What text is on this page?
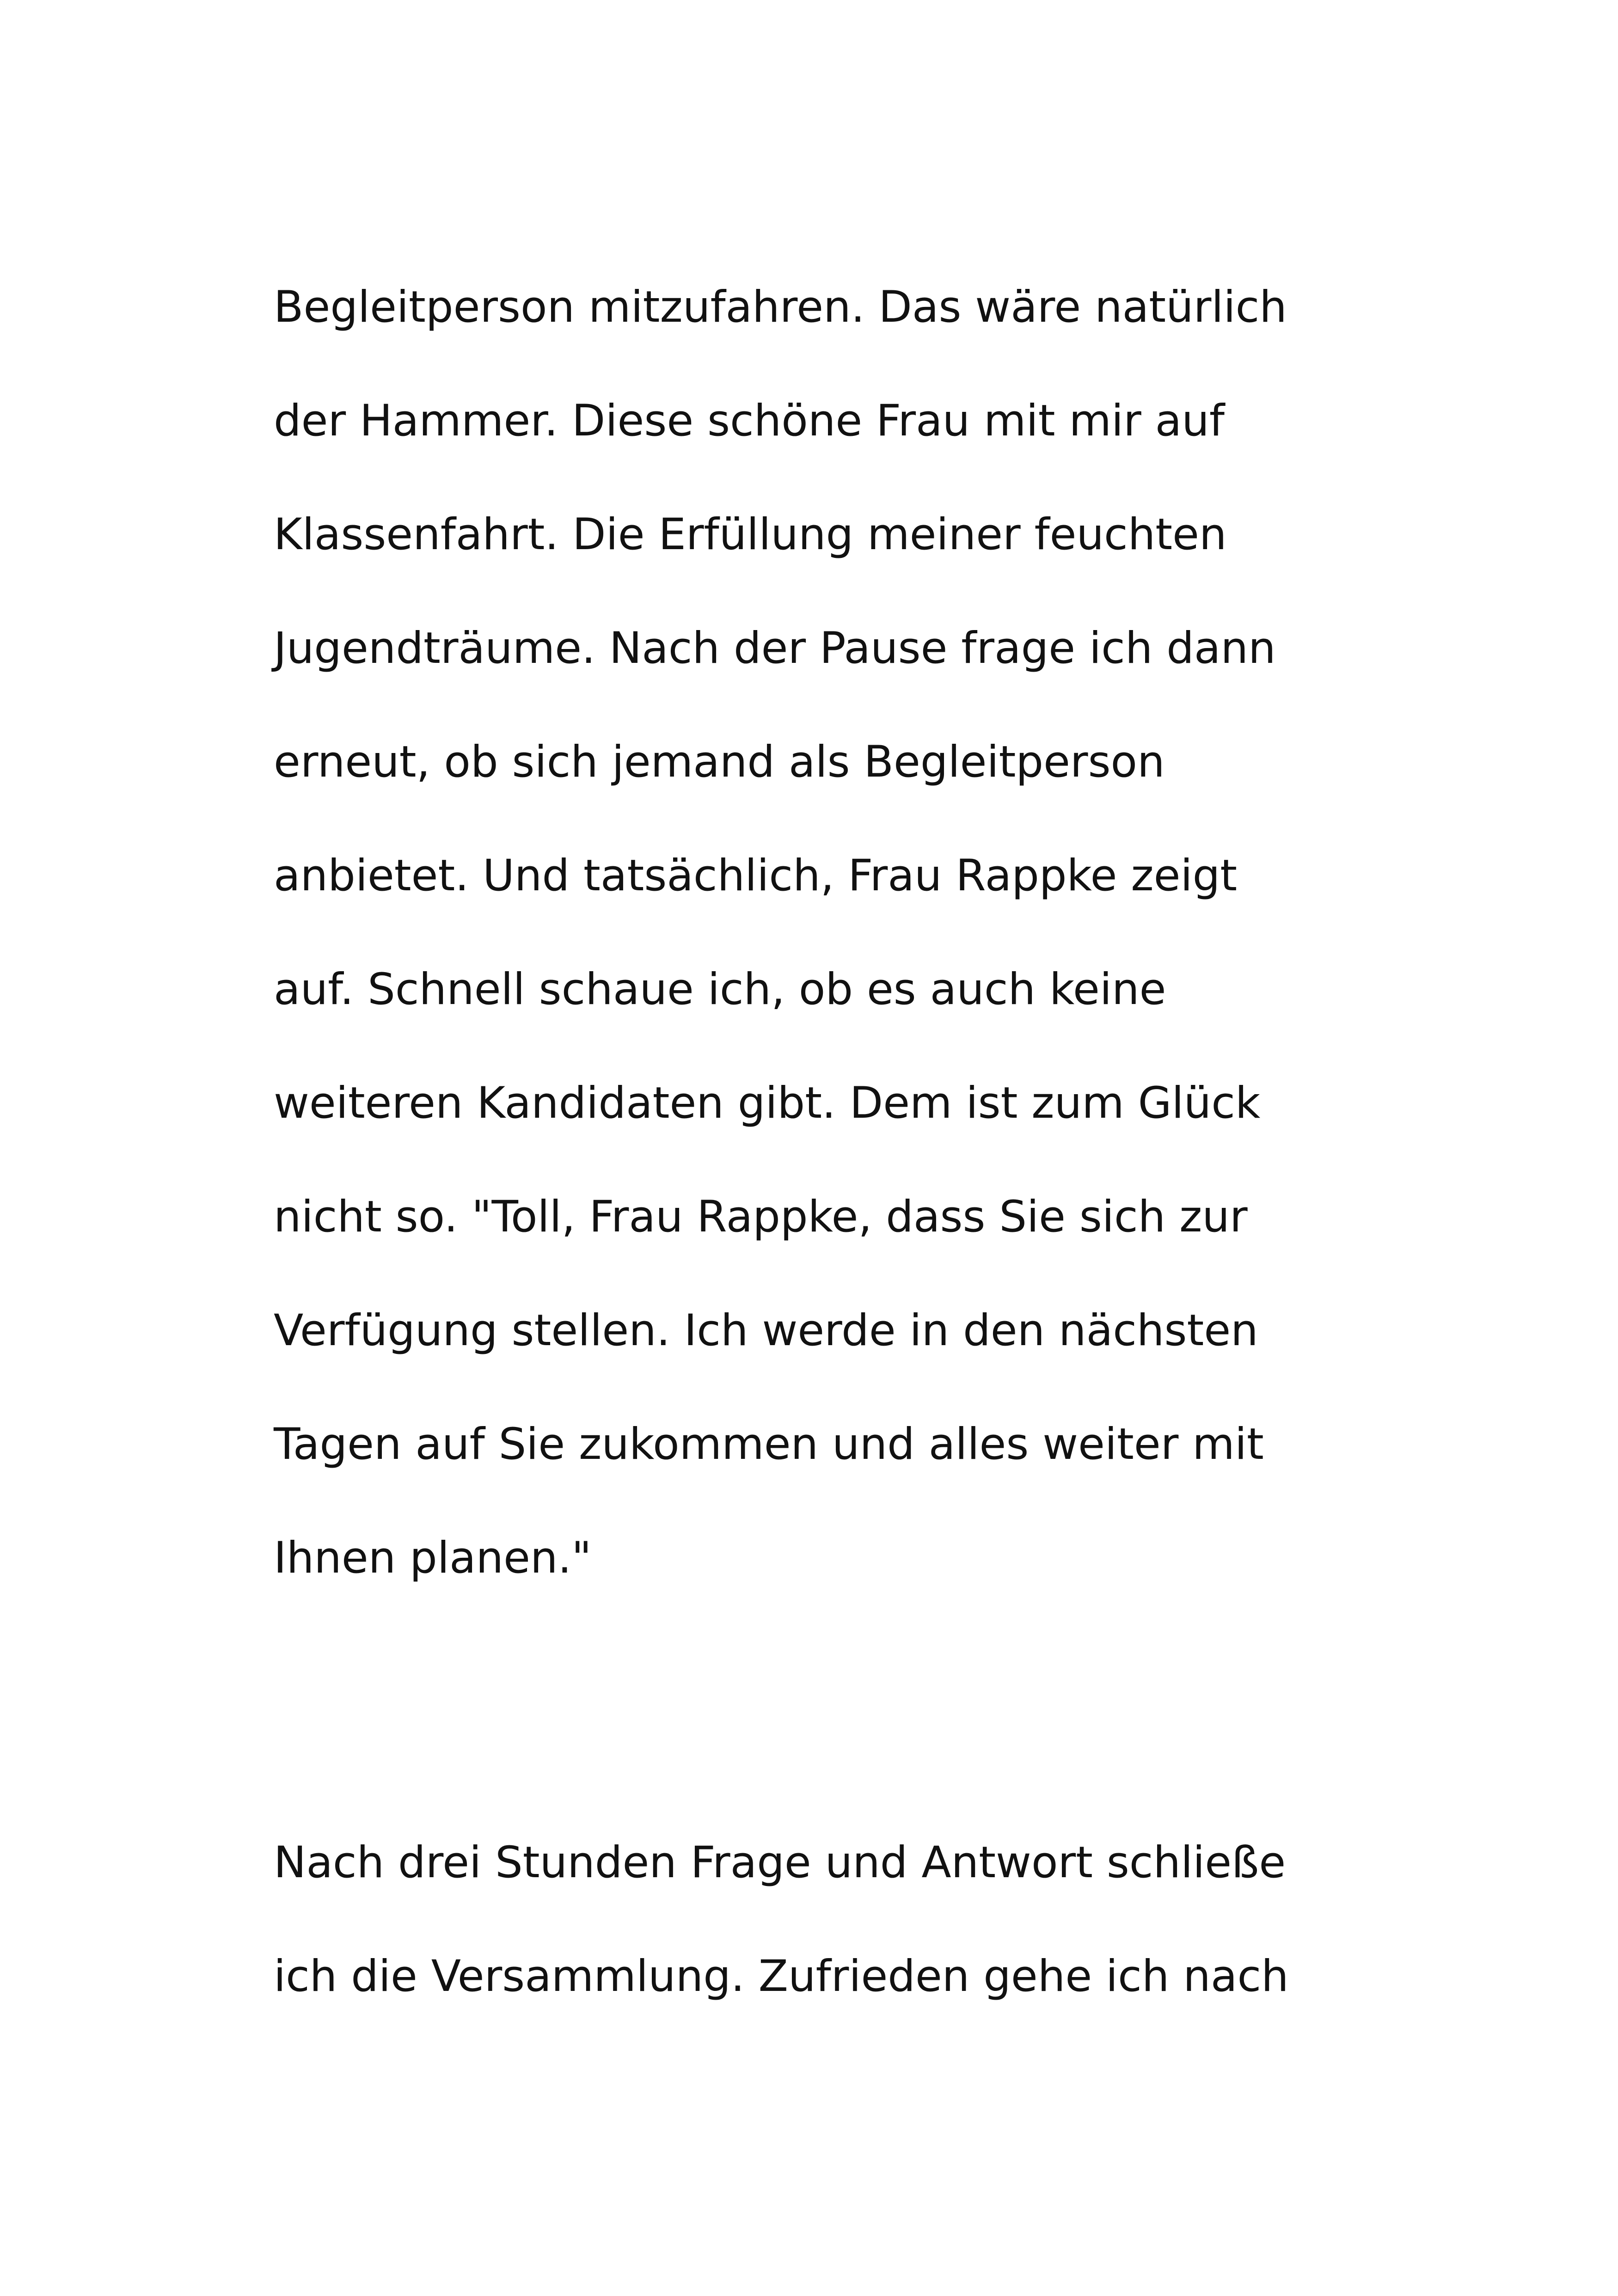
Begleitperson mitzufahren. Das wäre natürlich
der Hammer. Diese schöne Frau mit mir auf
Klassenfahrt. Die Erfüllung meiner feuchten
Jugendträume. Nach der Pause frage ich dann
erneut, ob sich jemand als Begleitperson
anbietet. Und tatsächlich, Frau Rappke zeigt
auf. Schnell schaue ich, ob es auch keine
weiteren Kandidaten gibt. Dem ist zum Glück
nicht so. "Toll, Frau Rappke, dass Sie sich zur
Verfügung stellen. Ich werde in den nächsten
Tagen auf Sie zukommen und alles weiter mit
Ihnen planen."
Nach drei Stunden Frage und Antwort schließe
ich die Versammlung. Zufrieden gehe ich nach
